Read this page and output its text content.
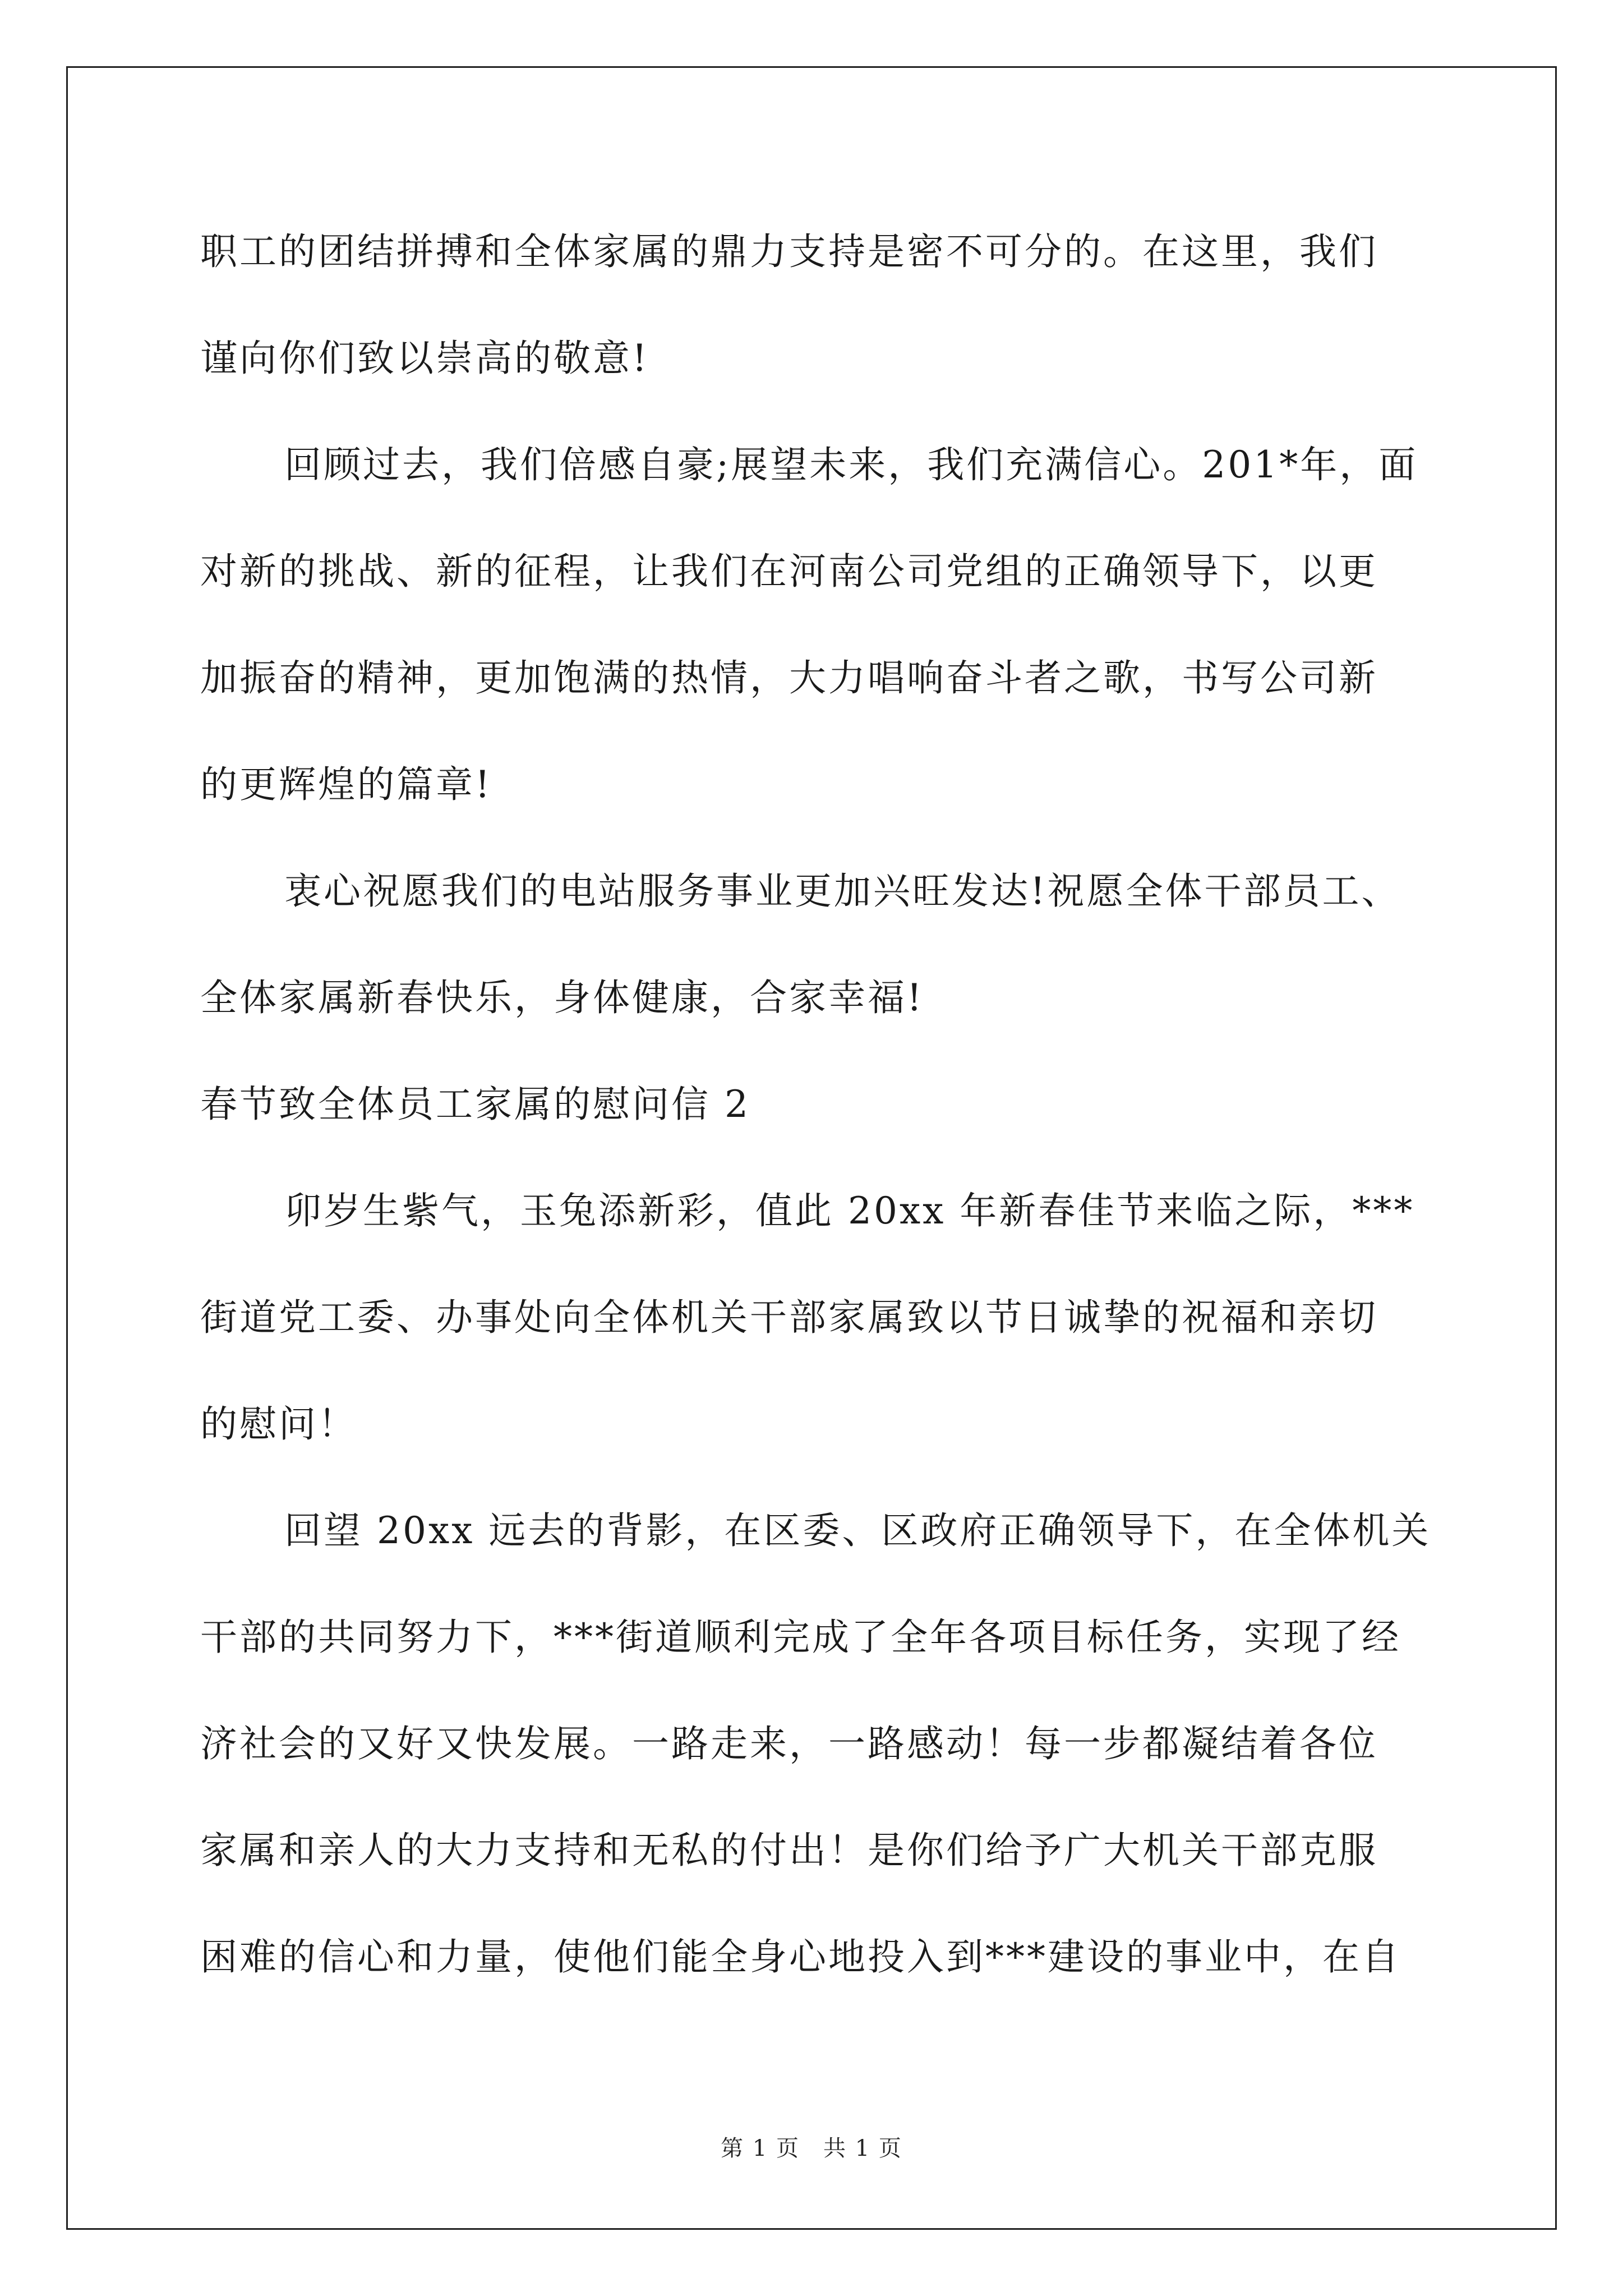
职工的团结拼搏和全体家属的鼎力支持是密不可分的。在这里，我们
谨向你们致以崇高的敬意!
回顾过去，我们倍感自豪;展望未来，我们充满信心。201*年，面
对新的挑战、新的征程，让我们在河南公司党组的正确领导下，以更
加振奋的精神，更加饱满的热情，大力唱响奋斗者之歌，书写公司新
的更辉煌的篇章!
衷心祝愿我们的电站服务事业更加兴旺发达!祝愿全体干部员工、
全体家属新春快乐，身体健康，合家幸福!
春节致全体员工家属的慰问信 2
卯岁生紫气，玉兔添新彩，值此 20xx 年新春佳节来临之际，***
街道党工委、办事处向全体机关干部家属致以节日诚挚的祝福和亲切
的慰问！
回望 20xx 远去的背影，在区委、区政府正确领导下，在全体机关
干部的共同努力下，***街道顺利完成了全年各项目标任务，实现了经
济社会的又好又快发展。一路走来，一路感动！每一步都凝结着各位
家属和亲人的大力支持和无私的付出！是你们给予广大机关干部克服
困难的信心和力量，使他们能全身心地投入到***建设的事业中，在自
第 1 页　共 1 页
